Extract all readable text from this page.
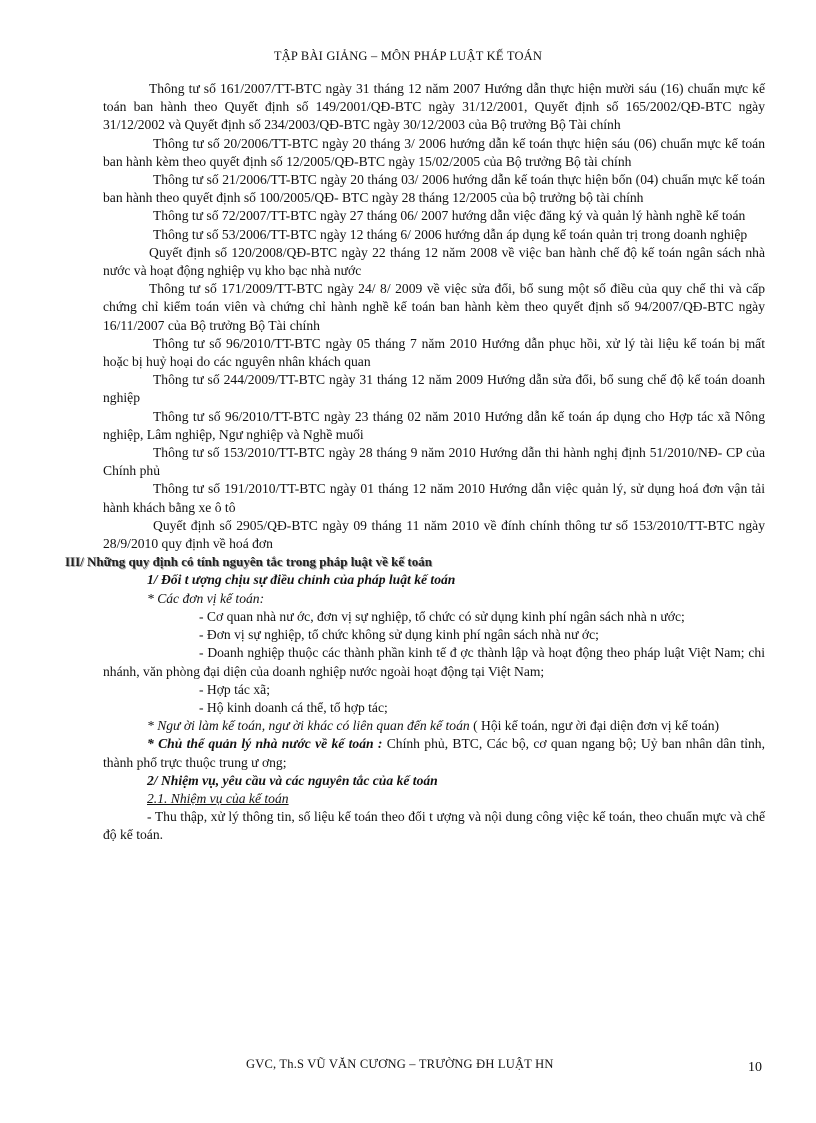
TẬP BÀI GIẢNG – MÔN PHÁP LUẬT KẾ TOÁN

Thông tư số 161/2007/TT-BTC ngày 31 tháng 12 năm 2007 Hướng dẫn thực hiện mười sáu (16) chuẩn mực kế toán ban hành theo Quyết định số 149/2001/QĐ-BTC ngày 31/12/2001, Quyết định số 165/2002/QĐ-BTC ngày 31/12/2002 và Quyết định số 234/2003/QĐ-BTC ngày 30/12/2003 của Bộ trưởng Bộ Tài chính

Thông tư số 20/2006/TT-BTC ngày 20 tháng 3/ 2006 hướng dẫn kế toán thực hiện sáu (06) chuẩn mực kế toán ban hành kèm theo quyết định số 12/2005/QĐ-BTC ngày 15/02/2005 của Bộ trưởng Bộ tài chính

Thông tư số 21/2006/TT-BTC ngày 20 tháng 03/ 2006 hướng dẫn kế toán thực hiện bốn (04) chuẩn mực kế toán ban hành theo quyết định số 100/2005/QĐ- BTC ngày 28 tháng 12/2005 của bộ trưởng bộ tài chính

Thông tư số 72/2007/TT-BTC ngày 27 tháng 06/ 2007 hướng dẫn việc đăng ký và quản lý hành nghề kế toán

Thông tư số 53/2006/TT-BTC ngày 12 tháng 6/ 2006 hướng dẫn áp dụng kế toán quản trị trong doanh nghiệp

Quyết định số 120/2008/QĐ-BTC ngày 22 tháng 12 năm 2008 về việc ban hành chế độ kế toán ngân sách nhà nước và hoạt động nghiệp vụ kho bạc nhà nước

Thông tư số 171/2009/TT-BTC ngày 24/ 8/ 2009 về việc sửa đổi, bổ sung một số điều của quy chế thi và cấp chứng chỉ kiểm toán viên và chứng chỉ hành nghề kế toán ban hành kèm theo quyết định số 94/2007/QĐ-BTC ngày 16/11/2007 của Bộ trưởng Bộ Tài chính

Thông tư số 96/2010/TT-BTC ngày 05 tháng 7 năm 2010 Hướng dẫn phục hồi, xử lý tài liệu kế toán bị mất hoặc bị huỷ hoại do các nguyên nhân khách quan

Thông tư số 244/2009/TT-BTC ngày 31 tháng 12 năm 2009 Hướng dẫn sửa đổi, bổ sung chế độ kế toán doanh nghiệp

Thông tư số 96/2010/TT-BTC ngày 23 tháng 02 năm 2010 Hướng dẫn kế toán áp dụng cho Hợp tác xã Nông nghiệp, Lâm nghiệp, Ngư nghiệp và Nghề muối

Thông tư số 153/2010/TT-BTC ngày 28 tháng 9 năm 2010 Hướng dẫn thi hành nghị định 51/2010/NĐ- CP của Chính phủ

Thông tư số 191/2010/TT-BTC ngày 01 tháng 12 năm 2010 Hướng dẫn việc quản lý, sử dụng hoá đơn vận tải hành khách bằng xe ô tô

Quyết định số 2905/QĐ-BTC ngày 09 tháng 11 năm 2010 về đính chính thông tư số 153/2010/TT-BTC ngày 28/9/2010 quy định về hoá đơn

III/ Những quy định có tính nguyên tắc trong pháp luật về kế toán

1/ Đối t ượng chịu sự điều chỉnh của pháp luật kế toán

* Các đơn vị kế toán:

- Cơ quan nhà nư ớc, đơn vị sự nghiệp, tổ chức có sử dụng kinh phí ngân sách nhà n ước;

- Đơn vị sự nghiệp, tổ chức không sử dụng kinh phí ngân sách nhà nư ớc;

- Doanh nghiệp thuộc các thành phần kinh tế đ ợc thành lập và hoạt động theo pháp luật Việt Nam; chi nhánh, văn phòng đại diện của doanh nghiệp nước ngoài hoạt động tại Việt Nam;

- Hợp tác xã;

- Hộ kinh doanh cá thể, tổ hợp tác;

* Ngư ời làm kế toán, ngư ời khác có liên quan đến kế toán ( Hội kế toán, ngư ời đại diện đơn vị kế toán)

* Chủ thể quản lý nhà nước về kế toán : Chính phủ, BTC, Các bộ, cơ quan ngang bộ; Uỷ ban nhân dân tỉnh, thành phố trực thuộc trung ư ơng;

2/ Nhiệm vụ, yêu cầu và các nguyên tắc của kế toán

2.1. Nhiệm vụ của kế toán

- Thu thập, xử lý thông tin, số liệu kế toán theo đối t ượng và nội dung công việc kế toán, theo chuẩn mực và chế độ kế toán.

GVC, Th.S VŨ VĂN CƯƠNG – TRƯỜNG ĐH LUẬT HN	10
